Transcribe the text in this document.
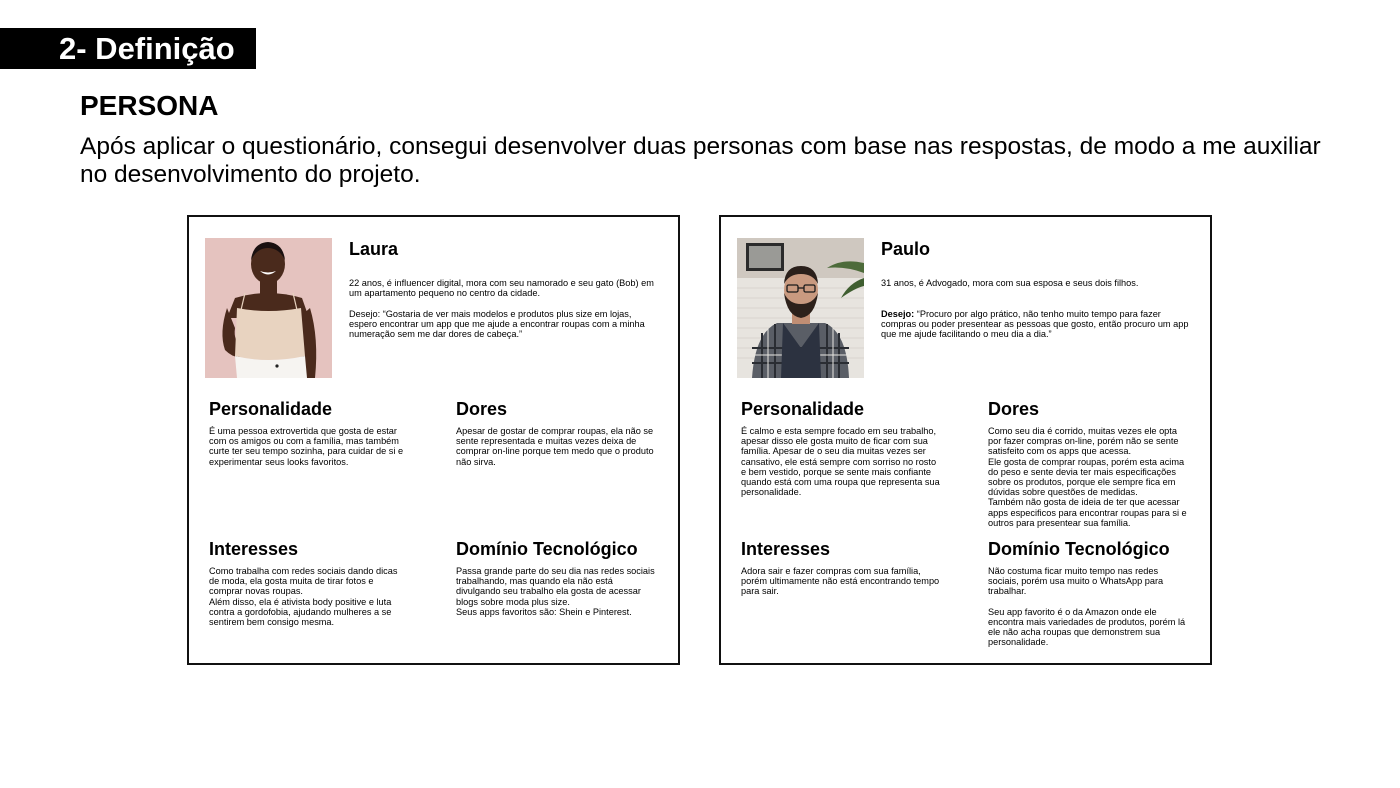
2- Definição
PERSONA

Após aplicar o questionário, consegui desenvolver duas personas com base nas respostas, de modo a me auxiliar no desenvolvimento do projeto.

Laura

22 anos, é influencer digital, mora com seu namorado e seu gato (Bob) em um apartamento pequeno no centro da cidade.

Desejo: “Gostaria de ver mais modelos e produtos plus size em lojas, espero encontrar um app que me ajude a encontrar roupas com a minha numeração sem me dar dores de cabeça.”

Personalidade

É uma pessoa extrovertida que gosta de estar com os amigos ou com a família, mas também curte ter seu tempo sozinha, para cuidar de si e experimentar seus looks favoritos.

Dores

Apesar de gostar de comprar roupas, ela não se sente representada e muitas vezes deixa de comprar on-line porque tem medo que o produto não sirva.

Interesses

Como trabalha com redes sociais dando dicas de moda, ela gosta muita de tirar fotos e comprar novas roupas.
Além disso, ela é ativista body positive e luta contra a gordofobia, ajudando mulheres a se sentirem bem consigo mesma.

Domínio Tecnológico

Passa grande parte do seu dia nas redes sociais trabalhando, mas quando ela não está divulgando seu trabalho ela gosta de acessar blogs sobre moda plus size.
Seus apps favoritos são: Shein e Pinterest.

Paulo

31 anos, é Advogado, mora com sua esposa e seus dois filhos.

Desejo: “Procuro por algo prático, não tenho muito tempo para fazer compras ou poder presentear as pessoas que gosto, então procuro um app que me ajude facilitando o meu dia a dia.”

Personalidade

É calmo e esta sempre focado em seu trabalho, apesar disso ele gosta muito de ficar com sua família. Apesar de o seu dia muitas vezes ser cansativo, ele está sempre com sorriso no rosto e bem vestido, porque se sente mais confiante quando está com uma roupa que representa sua personalidade.

Dores

Como seu dia é corrido, muitas vezes ele opta por fazer compras on-line, porém não se sente satisfeito com os apps que acessa.
Ele gosta de comprar roupas, porém esta acima do peso e sente devia ter mais especificações sobre os produtos, porque ele sempre fica em dúvidas sobre questões de medidas.
Também não gosta de ideia de ter que acessar apps especificos para encontrar roupas para si e outros para presentear sua família.

Interesses

Adora sair e fazer compras com sua família, porém ultimamente não está encontrando tempo para sair.

Domínio Tecnológico

Não costuma ficar muito tempo nas redes sociais, porém usa muito o WhatsApp para trabalhar.

Seu app favorito é o da Amazon onde ele encontra mais variedades de produtos, porém lá ele não acha roupas que demonstrem sua personalidade.
